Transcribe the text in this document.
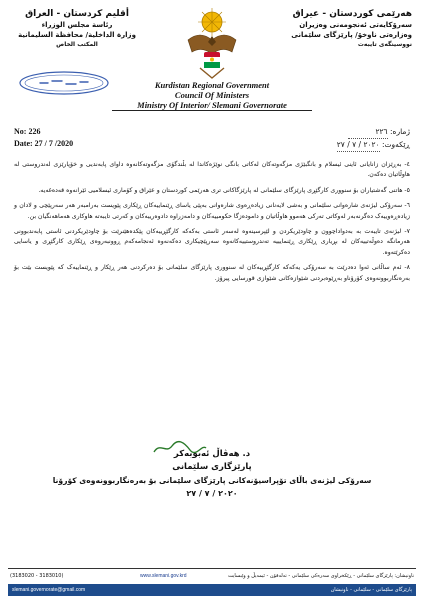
هەرێمی کوردستان - عیراق
سەرۆکایەتی ئەنجومەنی وەزیران
وەزارەتی ناوخۆ/ پارێزگای سلێمانی
نووسینگەی تایبەت
أقليم كردستان - العراق
رئاسة مجلس الوزراء
وزارة الداخلية/ محافظة السليمانية
المكتب الخاص
Kurdistan Regional Government
Council Of Ministers
Ministry Of Interior/ Slemani Governorate
No: 226
Date: 27 / 7 /2020
ژمارە: ٢٢٦
ڕێکەوت: ٢٠٢٠ / ٧ / ٢٧

٤- بەڕێزان زانایانی ئاینی ئیسلام و بانگبێژی مزگەوتەکان لەکاتی بانگی نوێژەکاندا لە بڵندگۆی مزگەوتەکانەوە داوای پابەندیی و خۆپارێزی لەندروستی لە هاوڵاتیان دەکەن.

٥- هاتنی گەشتیاران بۆ سنووری کارگێڕی پارێزگای سلێمانی لە پارێزگاکانی تری هەرێمی کوردستان و عێراق و کۆماری ئیسلامیی ئێرانەوە قەدەغەیە.

٦- سەرۆکی لیژنەی شارەوانی سلێمانی و بەشی لایەنانی زیادەڕەوی شارەوانی بەپێی یاسای ڕێنماییەکان ڕێکاری پێویست بەرامبەر هەر سەرپێچی و لادان و زیادەڕەوییەک دەگرنەبەر لەوکاتی تەرکی هەموو هاوڵاتیان و دامودەزگا حکومییەکان و دامەزراوە دادوەرییەکان و کەرتی تایبەتە هاوکاری هەماهەنگیان بن.

٧- لیژنەی تایبەت بە بەدواداچوون و چاودێریکردن و لێپرسینەوە لەسەر ئاستی بەکەکە کارگێڕییەکان پێکدەهێنرێت بۆ چاودێریکردنی ئاستی پابەندبوونی هەرمانگە دەوڵەتییەکان لە بڕیاری ڕێکاری ڕێنمایییە تەندروستییەکانەوە سەرپێچیکاری دەکەنەوە ئەنجامەکەم ڕوونبەروەی ڕێکاری کارگێڕی و یاسایی دەکرێتەوە.

٨- ئەم ساڵانی ئەوا دەدرێت بە سەرۆکی یەکەکە کارگێڕییەکان لە سنووری پارێزگای سلێمانی بۆ دەرکردنی هەر ڕێکار و ڕێنماییەک کە پێویست بێت بۆ بەرەنگاربوونەوەی کۆرۆناو بەڕێوەبردنی شێوازەکانی شێوازی قورسایی پیرۆز.

د. هەڤاڵ ئەبوبەکر
پارێزگاری سلێمانی
سەرۆکی لیژنەی باڵای تۆپراسیۆنەکانی پارێزگای سلێمانی بۆ بەرەنگاربوونەوەی کۆرۆنا
٢٠٢٠ / ٧ / ٢٧
(3183020 - 3183010)	www.slemani.gov.krd	ناونیشان: پارێزگای سلێمانی - ڕێکخراوی سەرەکی سلێمانی - تەلەفۆن - ئیمەیڵ و وێبسایت
slemani.governorate@gmail.com	پارێزگای سلێمانی - سلێمانی - ناونیشان
